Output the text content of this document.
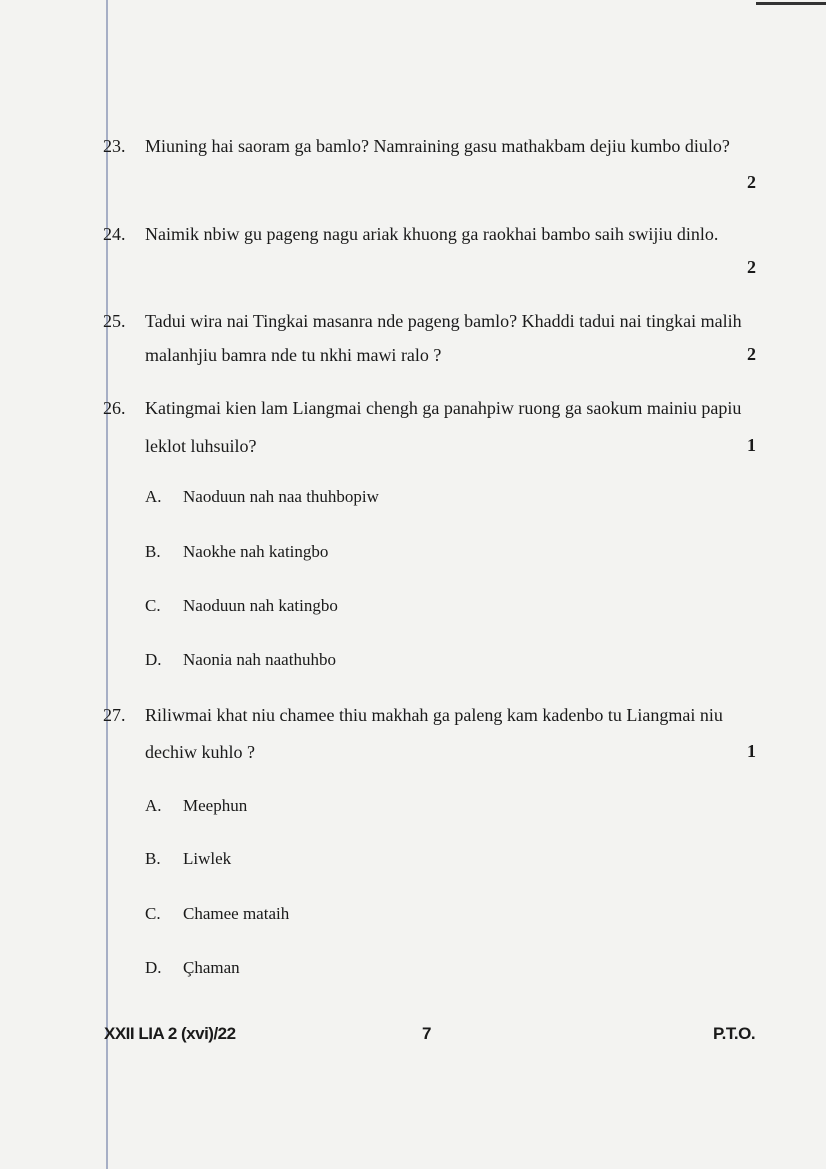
23. Miuning hai saoram ga bamlo? Namraining gasu mathakbam dejiu kumbo diulo?
2
24. Naimik nbiw gu pageng nagu ariak khuong ga raokhai bambo saih swijiu dinlo.
2
25. Tadui wira nai Tingkai masanra nde pageng bamlo? Khaddi tadui nai tingkai malih
malanhjiu bamra nde tu nkhi mawi ralo ?	2
26. Katingmai kien lam Liangmai chengh ga panahpiw ruong ga saokum mainiu papiu
leklot luhsuilo?	1
A. Naoduun nah naa thuhbopiw
B. Naokhe nah katingbo
C. Naoduun nah katingbo
D. Naonia nah naathuhbo
27. Riliwmai khat niu chamee thiu makhah ga paleng kam kadenbo tu Liangmai niu
dechiw kuhlo ?	1
A. Meephun
B. Liwlek
C. Chamee mataih
D. Çhaman
XXII LIA 2 (xvi)/22	7	P.T.O.
